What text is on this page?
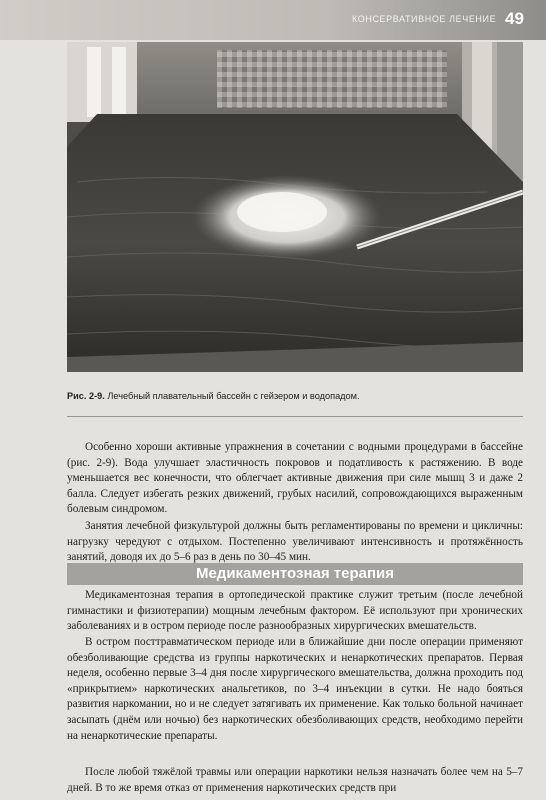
КОНСЕРВАТИВНОЕ ЛЕЧЕНИЕ 49
Рис. 2-9. Лечебный плавательный бассейн с гейзером и водопадом.

Особенно хороши активные упражнения в сочетании с водными процедурами в бассейне (рис. 2-9). Вода улучшает эластичность покровов и податливость к растяжению. В воде уменьшается вес конечности, что облегчает активные движения при силе мышц 3 и даже 2 балла. Следует избегать резких движений, грубых насилий, сопровождающихся выраженным болевым синдромом.

Занятия лечебной физкультурой должны быть регламентированы по времени и цикличны: нагрузку чередуют с отдыхом. Постепенно увеличивают интенсивность и протяжённость занятий, доводя их до 5–6 раз в день по 30–45 мин.

Медикаментозная терапия

Медикаментозная терапия в ортопедической практике служит третьим (после лечебной гимнастики и физиотерапии) мощным лечебным фактором. Её используют при хронических заболеваниях и в остром периоде после разнообразных хирургических вмешательств.

В остром посттравматическом периоде или в ближайшие дни после операции применяют обезболивающие средства из группы наркотических и ненаркотических препаратов. Первая неделя, особенно первые 3–4 дня после хирургического вмешательства, должна проходить под «прикрытием» наркотических анальгетиков, по 3–4 инъекции в сутки. Не надо бояться развития наркомании, но и не следует затягивать их применение. Как только больной начинает засыпать (днём или ночью) без наркотических обезболивающих средств, необходимо перейти на ненаркотические препараты.

После любой тяжёлой травмы или операции наркотики нельзя назначать более чем на 5–7 дней. В то же время отказ от применения наркотических средств при
